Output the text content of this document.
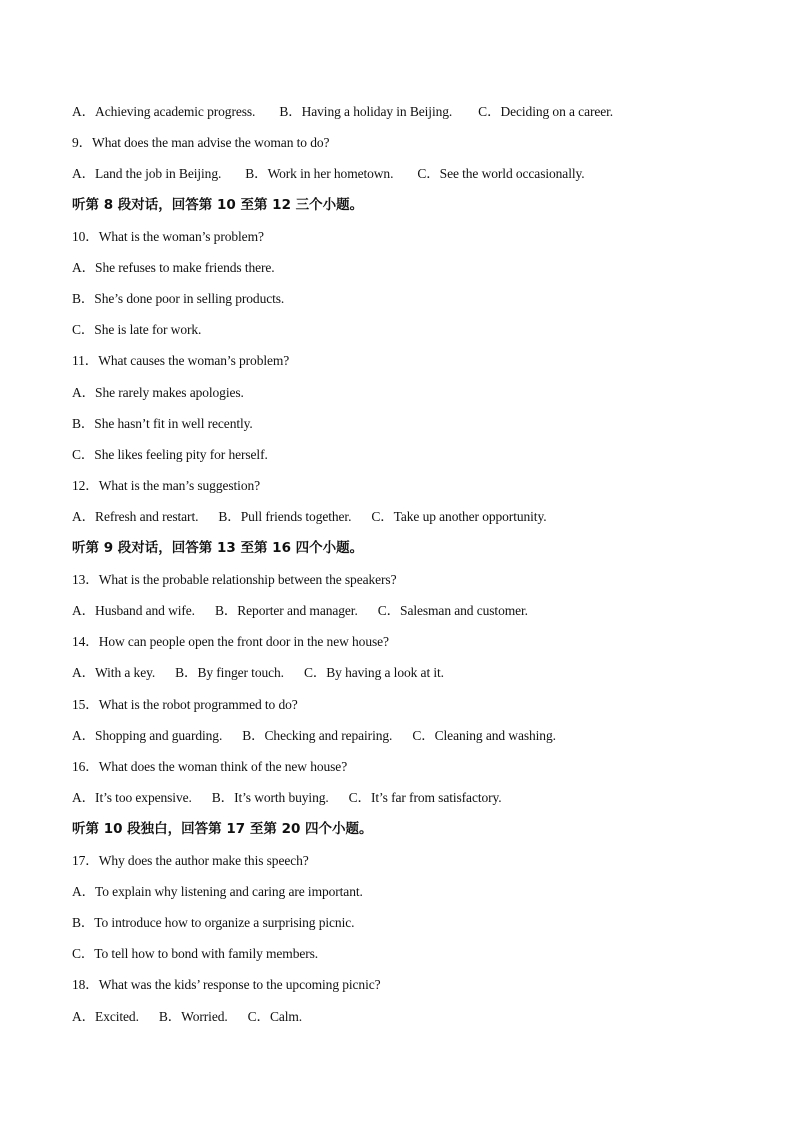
A．Achieving academic progress. B．Having a holiday in Beijing. C．Deciding on a career.
9．What does the man advise the woman to do?
A．Land the job in Beijing. B．Work in her hometown. C．See the world occasionally.
听第 8 段对话，回答第 10 至第 12 三个小题。
10．What is the woman’s problem?
A．She refuses to make friends there.
B．She’s done poor in selling products.
C．She is late for work.
11．What causes the woman’s problem?
A．She rarely makes apologies.
B．She hasn’t fit in well recently.
C．She likes feeling pity for herself.
12．What is the man’s suggestion?
A．Refresh and restart. B．Pull friends together. C．Take up another opportunity.
听第 9 段对话，回答第 13 至第 16 四个小题。
13．What is the probable relationship between the speakers?
A．Husband and wife. B．Reporter and manager. C．Salesman and customer.
14．How can people open the front door in the new house?
A．With a key. B．By finger touch. C．By having a look at it.
15．What is the robot programmed to do?
A．Shopping and guarding. B．Checking and repairing. C．Cleaning and washing.
16．What does the woman think of the new house?
A．It’s too expensive. B．It’s worth buying. C．It’s far from satisfactory.
听第 10 段独白，回答第 17 至第 20 四个小题。
17．Why does the author make this speech?
A．To explain why listening and caring are important.
B．To introduce how to organize a surprising picnic.
C．To tell how to bond with family members.
18．What was the kids’ response to the upcoming picnic?
A．Excited. B．Worried. C．Calm.
